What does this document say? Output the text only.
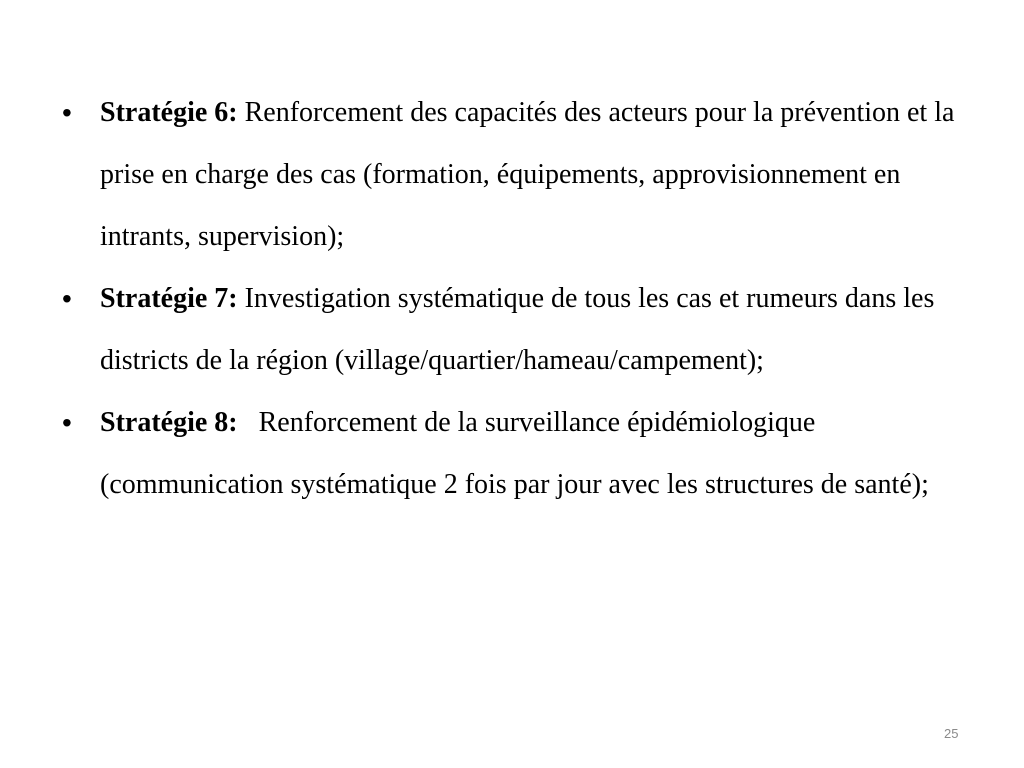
• Stratégie 6: Renforcement des capacités des acteurs pour la prévention et la prise en charge des cas (formation, équipements, approvisionnement en intrants, supervision);
• Stratégie 7: Investigation systématique de tous les cas et rumeurs dans les districts de la région (village/quartier/hameau/campement);
• Stratégie 8:   Renforcement de la surveillance épidémiologique (communication systématique 2 fois par jour avec les structures de santé);
25
